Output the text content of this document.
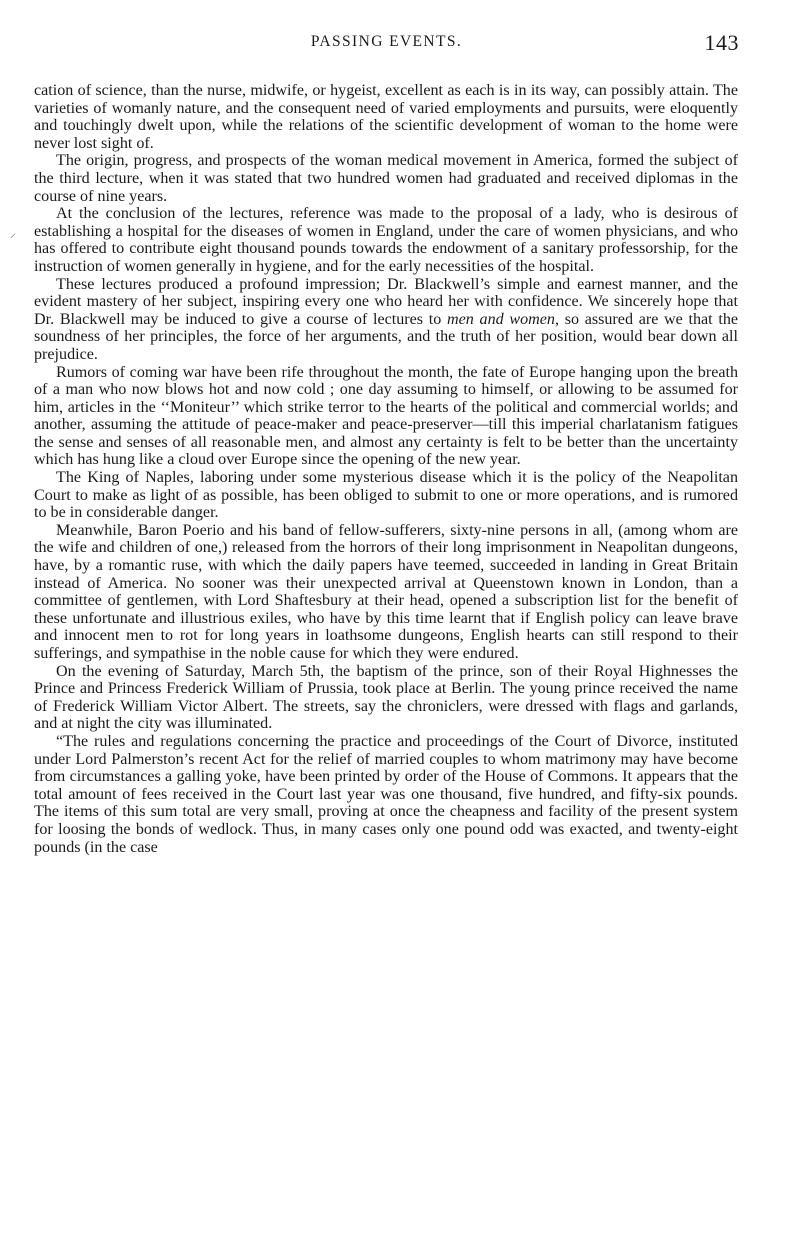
PASSING EVENTS.	143
⸝

cation of science, than the nurse, midwife, or hygeist, excellent as each is in its way, can possibly attain. The varieties of womanly nature, and the consequent need of varied employments and pursuits, were eloquently and touchingly dwelt upon, while the relations of the scientific development of woman to the home were never lost sight of.

The origin, progress, and prospects of the woman medical movement in America, formed the subject of the third lecture, when it was stated that two hundred women had graduated and received diplomas in the course of nine years.

At the conclusion of the lectures, reference was made to the proposal of a lady, who is desirous of establishing a hospital for the diseases of women in England, under the care of women physicians, and who has offered to contribute eight thousand pounds towards the endowment of a sanitary professorship, for the instruction of women generally in hygiene, and for the early necessities of the hospital.

These lectures produced a profound impression; Dr. Blackwell’s simple and earnest manner, and the evident mastery of her subject, inspiring every one who heard her with confidence. We sincerely hope that Dr. Blackwell may be induced to give a course of lectures to men and women, so assured are we that the soundness of her principles, the force of her arguments, and the truth of her position, would bear down all prejudice.

Rumors of coming war have been rife throughout the month, the fate of Europe hanging upon the breath of a man who now blows hot and now cold ; one day assuming to himself, or allowing to be assumed for him, articles in the ‘‘Moniteur’’ which strike terror to the hearts of the political and commercial worlds; and another, assuming the attitude of peace-maker and peace-preserver—till this imperial charlatanism fatigues the sense and senses of all reasonable men, and almost any certainty is felt to be better than the uncertainty which has hung like a cloud over Europe since the opening of the new year.

The King of Naples, laboring under some mysterious disease which it is the policy of the Neapolitan Court to make as light of as possible, has been obliged to submit to one or more operations, and is rumored to be in considerable danger.

Meanwhile, Baron Poerio and his band of fellow-sufferers, sixty-nine persons in all, (among whom are the wife and children of one,) released from the horrors of their long imprisonment in Neapolitan dungeons, have, by a romantic ruse, with which the daily papers have teemed, succeeded in landing in Great Britain instead of America. No sooner was their unexpected arrival at Queenstown known in London, than a committee of gentlemen, with Lord Shaftesbury at their head, opened a subscription list for the benefit of these unfortunate and illustrious exiles, who have by this time learnt that if English policy can leave brave and innocent men to rot for long years in loathsome dungeons, English hearts can still respond to their sufferings, and sympathise in the noble cause for which they were endured.

On the evening of Saturday, March 5th, the baptism of the prince, son of their Royal Highnesses the Prince and Princess Frederick William of Prussia, took place at Berlin. The young prince received the name of Frederick William Victor Albert. The streets, say the chroniclers, were dressed with flags and garlands, and at night the city was illuminated.

“The rules and regulations concerning the practice and proceedings of the Court of Divorce, instituted under Lord Palmerston’s recent Act for the relief of married couples to whom matrimony may have become from circumstances a galling yoke, have been printed by order of the House of Commons. It appears that the total amount of fees received in the Court last year was one thousand, five hundred, and fifty-six pounds. The items of this sum total are very small, proving at once the cheapness and facility of the present system for loosing the bonds of wedlock. Thus, in many cases only one pound odd was exacted, and twenty-eight pounds (in the case
